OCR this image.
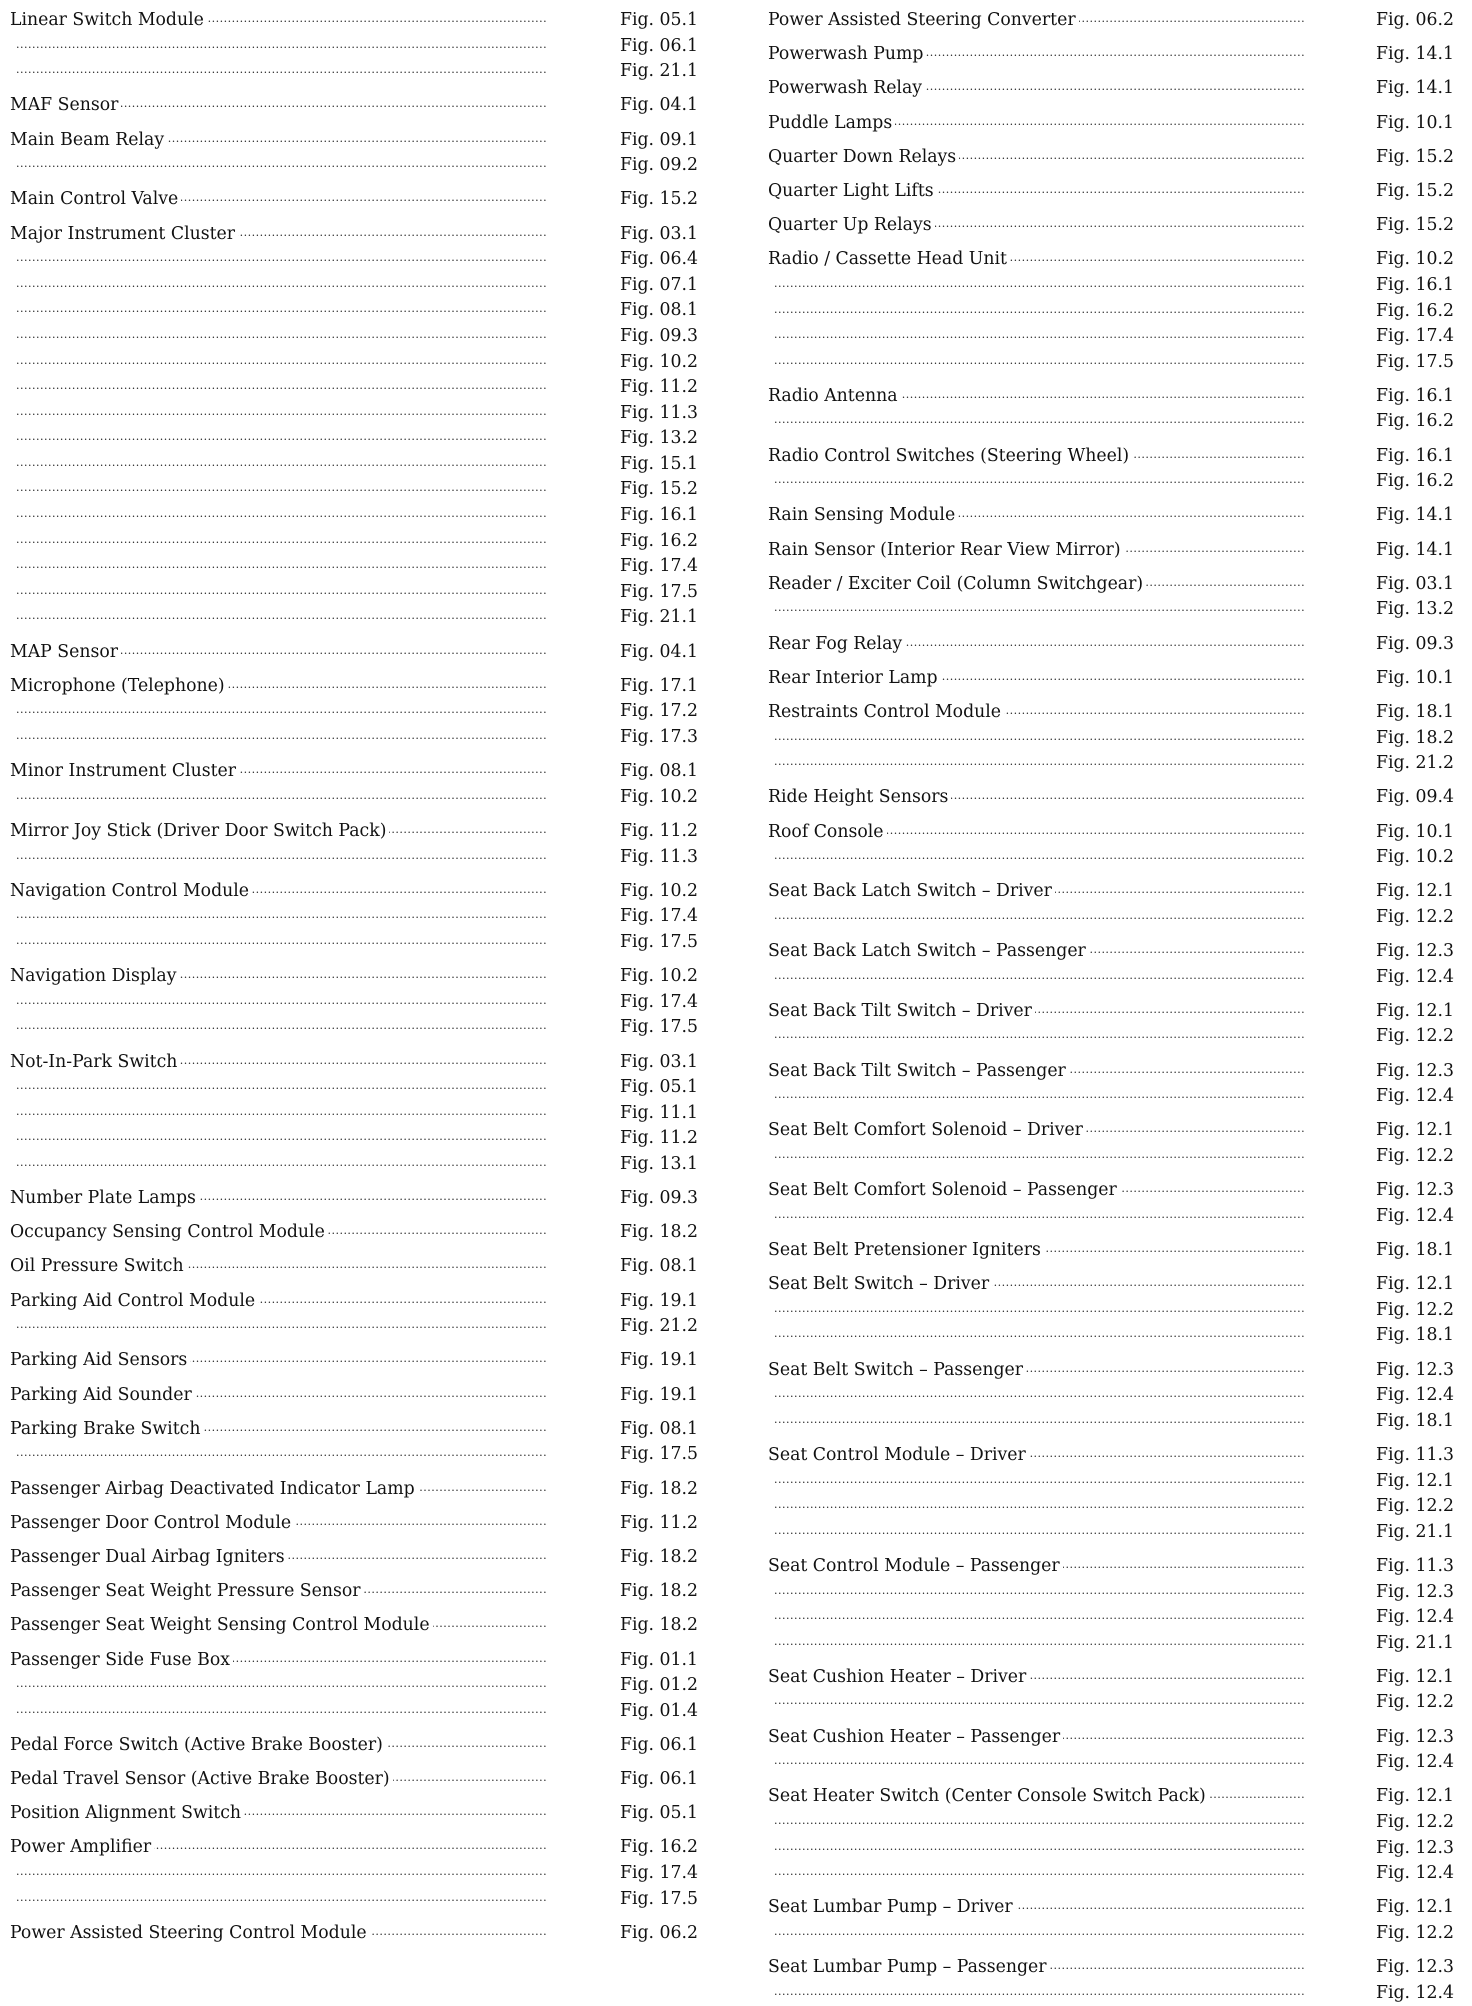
. . . Linear Switch Module	Fig. 05.1
. . . Fig. 06.1
. . . Fig. 21.1
. . . MAF Sensor	Fig. 04.1
. . . Main Beam Relay	Fig. 09.1
. . . Fig. 09.2
. . . Main Control Valve	Fig. 15.2
. . . Major Instrument Cluster	Fig. 03.1
. . . Fig. 06.4
. . . Fig. 07.1
. . . Fig. 08.1
. . . Fig. 09.3
. . . Fig. 10.2
. . . Fig. 11.2
. . . Fig. 11.3
. . . Fig. 13.2
. . . Fig. 15.1
. . . Fig. 15.2
. . . Fig. 16.1
. . . Fig. 16.2
. . . Fig. 17.4
. . . Fig. 17.5
. . . Fig. 21.1
. . . MAP Sensor	Fig. 04.1
. . . Microphone (Telephone)	Fig. 17.1
. . . Fig. 17.2
. . . Fig. 17.3
. . . Minor Instrument Cluster	Fig. 08.1
. . . Fig. 10.2
. . . Mirror Joy Stick (Driver Door Switch Pack)	Fig. 11.2
. . . Fig. 11.3
. . . Navigation Control Module	Fig. 10.2
. . . Fig. 17.4
. . . Fig. 17.5
. . . Navigation Display	Fig. 10.2
. . . Fig. 17.4
. . . Fig. 17.5
. . . Not-In-Park Switch	Fig. 03.1
. . . Fig. 05.1
. . . Fig. 11.1
. . . Fig. 11.2
. . . Fig. 13.1
. . . Number Plate Lamps	Fig. 09.3
. . . Occupancy Sensing Control Module	Fig. 18.2
. . . Oil Pressure Switch	Fig. 08.1
. . . Parking Aid Control Module	Fig. 19.1
. . . Fig. 21.2
. . . Parking Aid Sensors	Fig. 19.1
. . . Parking Aid Sounder	Fig. 19.1
. . . Parking Brake Switch	Fig. 08.1
. . . Fig. 17.5
. . . Passenger Airbag Deactivated Indicator Lamp	Fig. 18.2
. . . Passenger Door Control Module	Fig. 11.2
. . . Passenger Dual Airbag Igniters	Fig. 18.2
. . . Passenger Seat Weight Pressure Sensor	Fig. 18.2
. . . Passenger Seat Weight Sensing Control Module	Fig. 18.2
. . . Passenger Side Fuse Box	Fig. 01.1
. . . Fig. 01.2
. . . Fig. 01.4
. . . Pedal Force Switch (Active Brake Booster)	Fig. 06.1
. . . Pedal Travel Sensor (Active Brake Booster)	Fig. 06.1
. . . Position Alignment Switch	Fig. 05.1
. . . Power Amplifier	Fig. 16.2
. . . Fig. 17.4
. . . Fig. 17.5
. . . Power Assisted Steering Control Module	Fig. 06.2
. . . Power Assisted Steering Converter	Fig. 06.2
. . . Powerwash Pump	Fig. 14.1
. . . Powerwash Relay	Fig. 14.1
. . . Puddle Lamps	Fig. 10.1
. . . Quarter Down Relays	Fig. 15.2
. . . Quarter Light Lifts	Fig. 15.2
. . . Quarter Up Relays	Fig. 15.2
. . . Radio / Cassette Head Unit	Fig. 10.2
. . . Fig. 16.1
. . . Fig. 16.2
. . . Fig. 17.4
. . . Fig. 17.5
. . . Radio Antenna	Fig. 16.1
. . . Fig. 16.2
. . . Radio Control Switches (Steering Wheel)	Fig. 16.1
. . . Fig. 16.2
. . . Rain Sensing Module	Fig. 14.1
. . . Rain Sensor (Interior Rear View Mirror)	Fig. 14.1
. . . Reader / Exciter Coil (Column Switchgear)	Fig. 03.1
. . . Fig. 13.2
. . . Rear Fog Relay	Fig. 09.3
. . . Rear Interior Lamp	Fig. 10.1
. . . Restraints Control Module	Fig. 18.1
. . . Fig. 18.2
. . . Fig. 21.2
. . . Ride Height Sensors	Fig. 09.4
. . . Roof Console	Fig. 10.1
. . . Fig. 10.2
. . . Seat Back Latch Switch – Driver	Fig. 12.1
. . . Fig. 12.2
. . . Seat Back Latch Switch – Passenger	Fig. 12.3
. . . Fig. 12.4
. . . Seat Back Tilt Switch – Driver	Fig. 12.1
. . . Fig. 12.2
. . . Seat Back Tilt Switch – Passenger	Fig. 12.3
. . . Fig. 12.4
. . . Seat Belt Comfort Solenoid – Driver	Fig. 12.1
. . . Fig. 12.2
. . . Seat Belt Comfort Solenoid – Passenger	Fig. 12.3
. . . Fig. 12.4
. . . Seat Belt Pretensioner Igniters	Fig. 18.1
. . . Seat Belt Switch – Driver	Fig. 12.1
. . . Fig. 12.2
. . . Fig. 18.1
. . . Seat Belt Switch – Passenger	Fig. 12.3
. . . Fig. 12.4
. . . Fig. 18.1
. . . Seat Control Module – Driver	Fig. 11.3
. . . Fig. 12.1
. . . Fig. 12.2
. . . Fig. 21.1
. . . Seat Control Module – Passenger	Fig. 11.3
. . . Fig. 12.3
. . . Fig. 12.4
. . . Fig. 21.1
. . . Seat Cushion Heater – Driver	Fig. 12.1
. . . Fig. 12.2
. . . Seat Cushion Heater – Passenger	Fig. 12.3
. . . Fig. 12.4
. . . Seat Heater Switch (Center Console Switch Pack)	Fig. 12.1
. . . Fig. 12.2
. . . Fig. 12.3
. . . Fig. 12.4
. . . Seat Lumbar Pump – Driver	Fig. 12.1
. . . Fig. 12.2
. . . Seat Lumbar Pump – Passenger	Fig. 12.3
. . . Fig. 12.4
